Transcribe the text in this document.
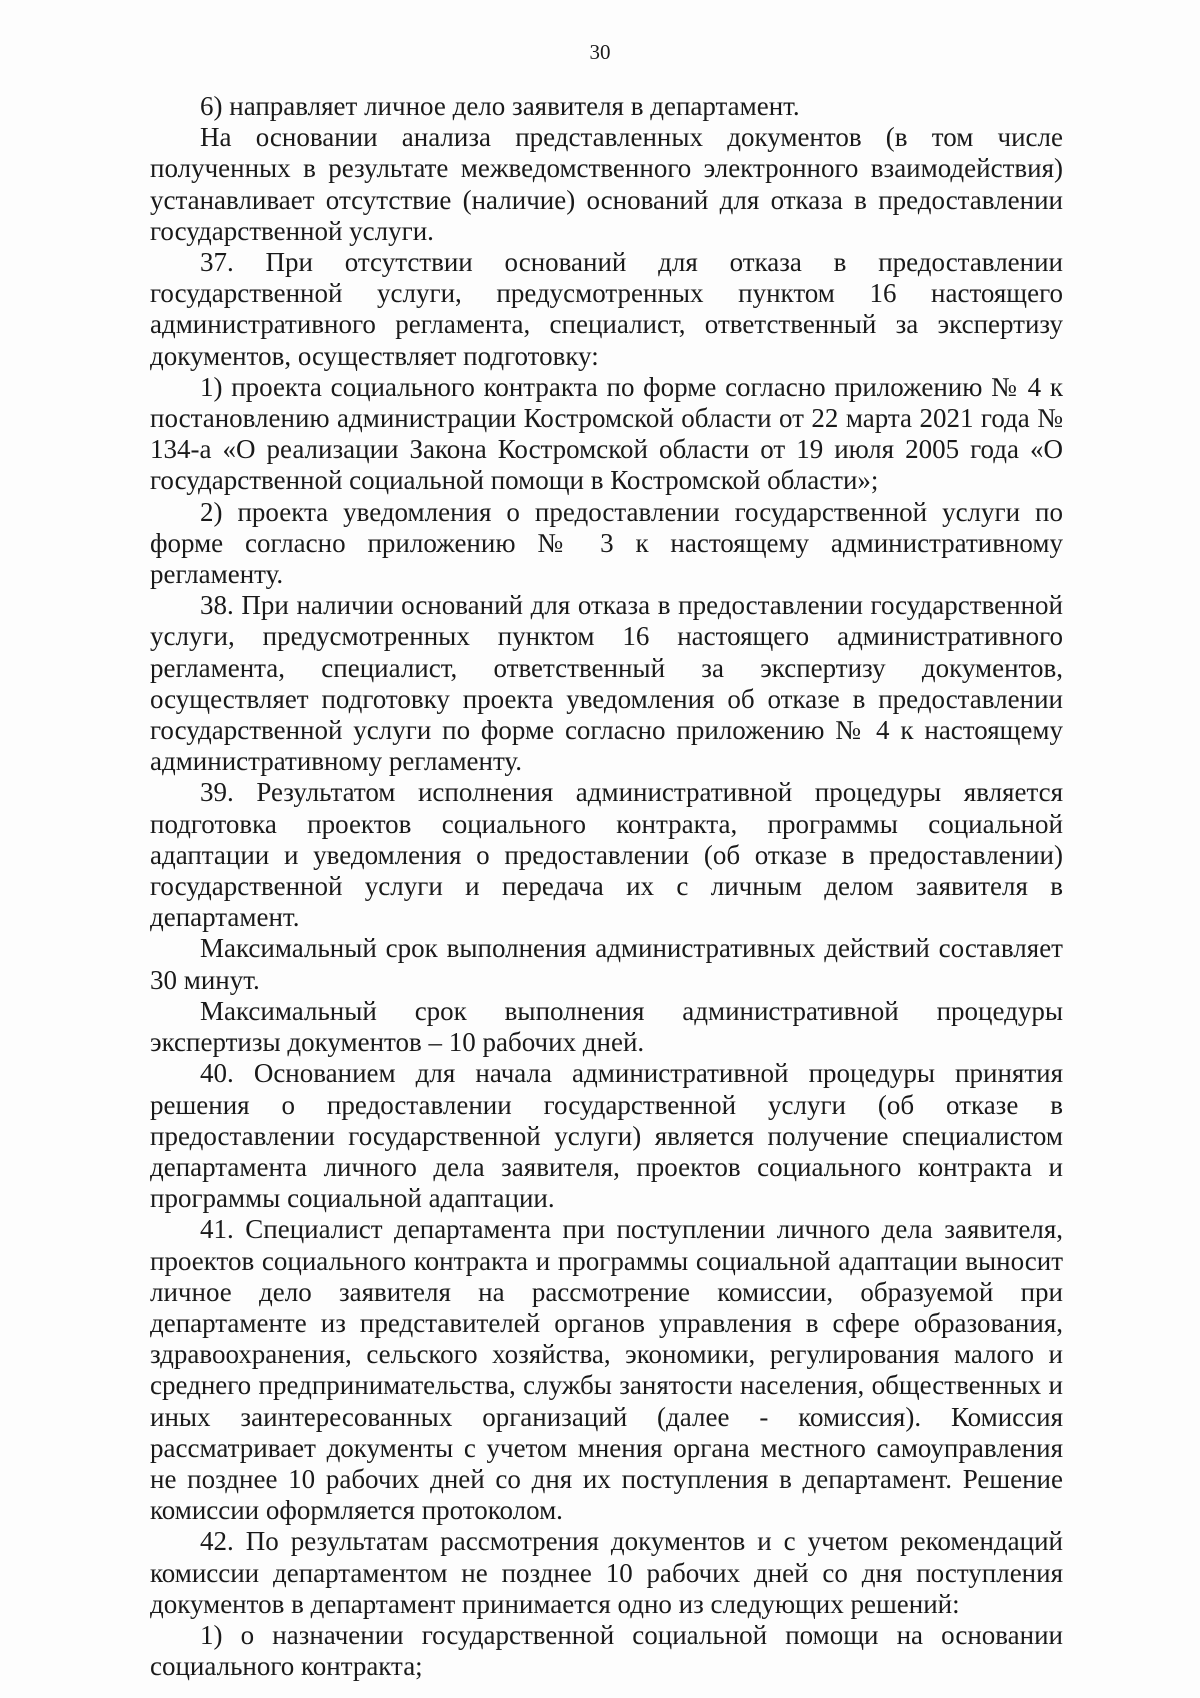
30

6) направляет личное дело заявителя в департамент.

На основании анализа представленных документов (в том числе полученных в результате межведомственного электронного взаимодействия) устанавливает отсутствие (наличие) оснований для отказа в предоставлении государственной услуги.

37. При отсутствии оснований для отказа в предоставлении государственной услуги, предусмотренных пунктом 16 настоящего административного регламента, специалист, ответственный за экспертизу документов, осуществляет подготовку:

1) проекта социального контракта по форме согласно приложению № 4 к постановлению администрации Костромской области от 22 марта 2021 года № 134-а «О реализации Закона Костромской области от 19 июля 2005 года «О государственной социальной помощи в Костромской области»;

2) проекта уведомления о предоставлении государственной услуги по форме согласно приложению № 3 к настоящему административному регламенту.

38. При наличии оснований для отказа в предоставлении государственной услуги, предусмотренных пунктом 16 настоящего административного регламента, специалист, ответственный за экспертизу документов, осуществляет подготовку проекта уведомления об отказе в предоставлении государственной услуги по форме согласно приложению № 4 к настоящему административному регламенту.

39. Результатом исполнения административной процедуры является подготовка проектов социального контракта, программы социальной адаптации и уведомления о предоставлении (об отказе в предоставлении) государственной услуги и передача их с личным делом заявителя в департамент.

Максимальный срок выполнения административных действий составляет 30 минут.

Максимальный срок выполнения административной процедуры экспертизы документов – 10 рабочих дней.

40. Основанием для начала административной процедуры принятия решения о предоставлении государственной услуги (об отказе в предоставлении государственной услуги) является получение специалистом департамента личного дела заявителя, проектов социального контракта и программы социальной адаптации.

41. Специалист департамента при поступлении личного дела заявителя, проектов социального контракта и программы социальной адаптации выносит личное дело заявителя на рассмотрение комиссии, образуемой при департаменте из представителей органов управления в сфере образования, здравоохранения, сельского хозяйства, экономики, регулирования малого и среднего предпринимательства, службы занятости населения, общественных и иных заинтересованных организаций (далее - комиссия). Комиссия рассматривает документы с учетом мнения органа местного самоуправления не позднее 10 рабочих дней со дня их поступления в департамент. Решение комиссии оформляется протоколом.

42. По результатам рассмотрения документов и с учетом рекомендаций комиссии департаментом не позднее 10 рабочих дней со дня поступления документов в департамент принимается одно из следующих решений:

1) о назначении государственной социальной помощи на основании социального контракта;
